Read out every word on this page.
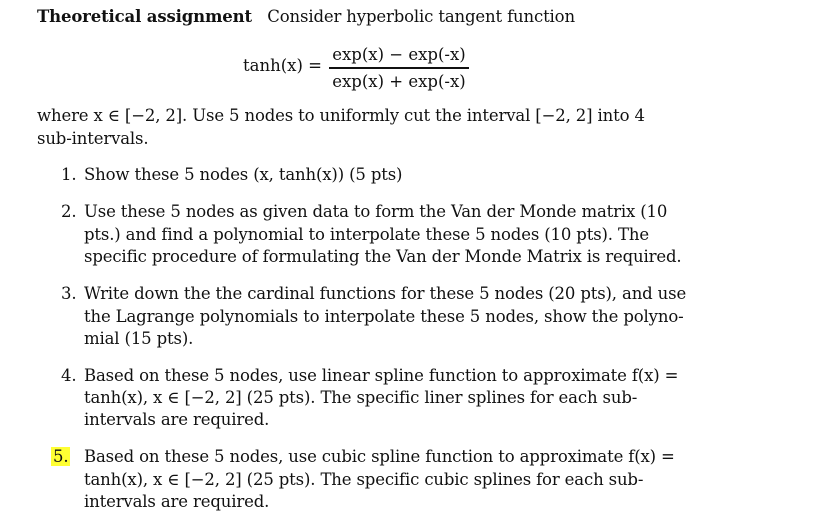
Theoretical assignment Consider hyperbolic tangent function
tanh(x) =
exp(x) − exp(-x)
exp(x) + exp(-x)
where x ∈ [−2, 2]. Use 5 nodes to uniformly cut the interval [−2, 2] into 4
sub-intervals.
1. Show these 5 nodes (x, tanh(x)) (5 pts)
2. Use these 5 nodes as given data to form the Van der Monde matrix (10
pts.) and find a polynomial to interpolate these 5 nodes (10 pts). The
specific procedure of formulating the Van der Monde Matrix is required.
3. Write down the the cardinal functions for these 5 nodes (20 pts), and use
the Lagrange polynomials to interpolate these 5 nodes, show the polyno-
mial (15 pts).
4. Based on these 5 nodes, use linear spline function to approximate f(x) =
tanh(x), x ∈ [−2, 2] (25 pts). The specific liner splines for each sub-
intervals are required.
5. Based on these 5 nodes, use cubic spline function to approximate f(x) =
tanh(x), x ∈ [−2, 2] (25 pts). The specific cubic splines for each sub-
intervals are required.
